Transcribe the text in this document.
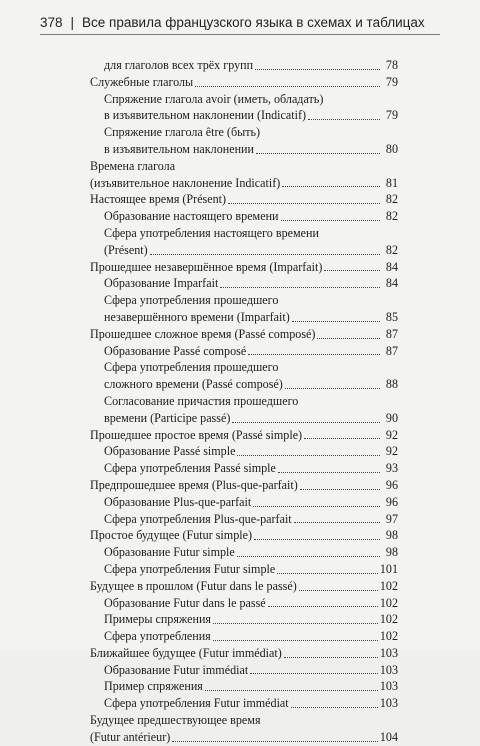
378 | Все правила французского языка в схемах и таблицах
для глаголов всех трёх групп	78
Служебные глаголы	79
Спряжение глагола avoir (иметь, обладать)
в изъявительном наклонении (Indicatif)	79
Спряжение глагола être (быть)
в изъявительном наклонении	80
Времена глагола
(изъявительное наклонение Indicatif)	81
Настоящее время (Présent)	82
Образование настоящего времени	82
Сфера употребления настоящего времени
(Présent)	82
Прошедшее незавершённое время (Imparfait)	84
Образование Imparfait	84
Сфера употребления прошедшего
незавершённого времени (Imparfait)	85
Прошедшее сложное время (Passé composé)	87
Образование Passé composé	87
Сфера употребления прошедшего
сложного времени (Passé composé)	88
Согласование причастия прошедшего
времени (Participe passé)	90
Прошедшее простое время (Passé simple)	92
Образование Passé simple	92
Сфера употребления Passé simple	93
Предпрошедшее время (Plus-que-parfait)	96
Образование Plus-que-parfait	96
Сфера употребления Plus-que-parfait	97
Простое будущее (Futur simple)	98
Образование Futur simple	98
Сфера употребления Futur simple	101
Будущее в прошлом (Futur dans le passé)	102
Образование Futur dans le passé	102
Примеры спряжения	102
Сфера употребления	102
Ближайшее будущее (Futur immédiat)	103
Образование Futur immédiat	103
Пример спряжения	103
Сфера употребления Futur immédiat	103
Будущее предшествующее время
(Futur antérieur)	104
